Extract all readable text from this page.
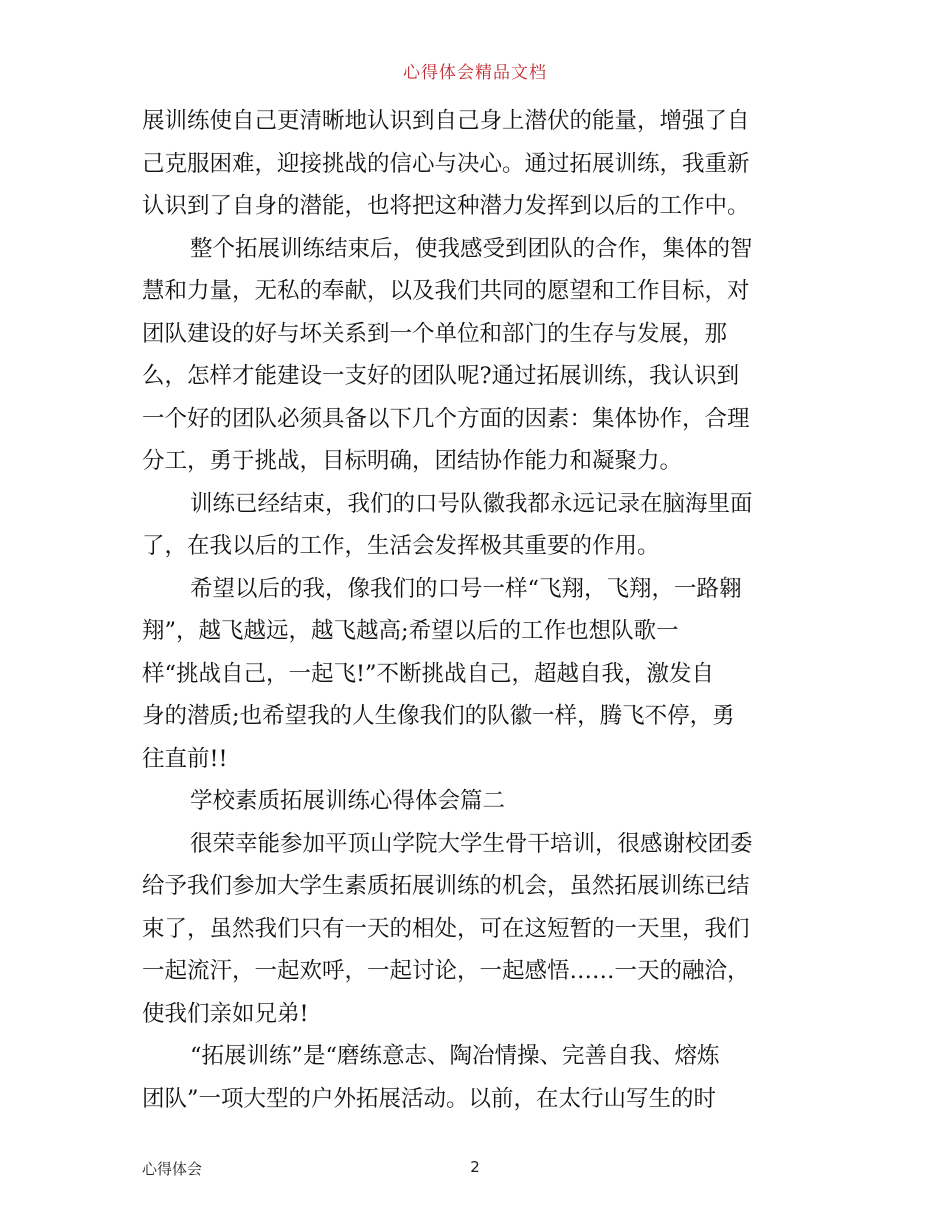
心得体会精品文档
展训练使自己更清晰地认识到自己身上潜伏的能量，增强了自
己克服困难，迎接挑战的信心与决心。通过拓展训练，我重新
认识到了自身的潜能，也将把这种潜力发挥到以后的工作中。
整个拓展训练结束后，使我感受到团队的合作，集体的智
慧和力量，无私的奉献，以及我们共同的愿望和工作目标，对
团队建设的好与坏关系到一个单位和部门的生存与发展，那
么，怎样才能建设一支好的团队呢?通过拓展训练，我认识到
一个好的团队必须具备以下几个方面的因素：集体协作，合理
分工，勇于挑战，目标明确，团结协作能力和凝聚力。
训练已经结束，我们的口号队徽我都永远记录在脑海里面
了，在我以后的工作，生活会发挥极其重要的作用。
希望以后的我，像我们的口号一样“飞翔，飞翔，一路翱
翔”，越飞越远，越飞越高;希望以后的工作也想队歌一
样“挑战自己，一起飞!”不断挑战自己，超越自我，激发自
身的潜质;也希望我的人生像我们的队徽一样，腾飞不停，勇
往直前!!
学校素质拓展训练心得体会篇二
很荣幸能参加平顶山学院大学生骨干培训，很感谢校团委
给予我们参加大学生素质拓展训练的机会，虽然拓展训练已结
束了，虽然我们只有一天的相处，可在这短暂的一天里，我们
一起流汗，一起欢呼，一起讨论，一起感悟……一天的融洽，
使我们亲如兄弟!
“拓展训练”是“磨练意志、陶冶情操、完善自我、熔炼
团队”一项大型的户外拓展活动。以前，在太行山写生的时
心得体会	2
